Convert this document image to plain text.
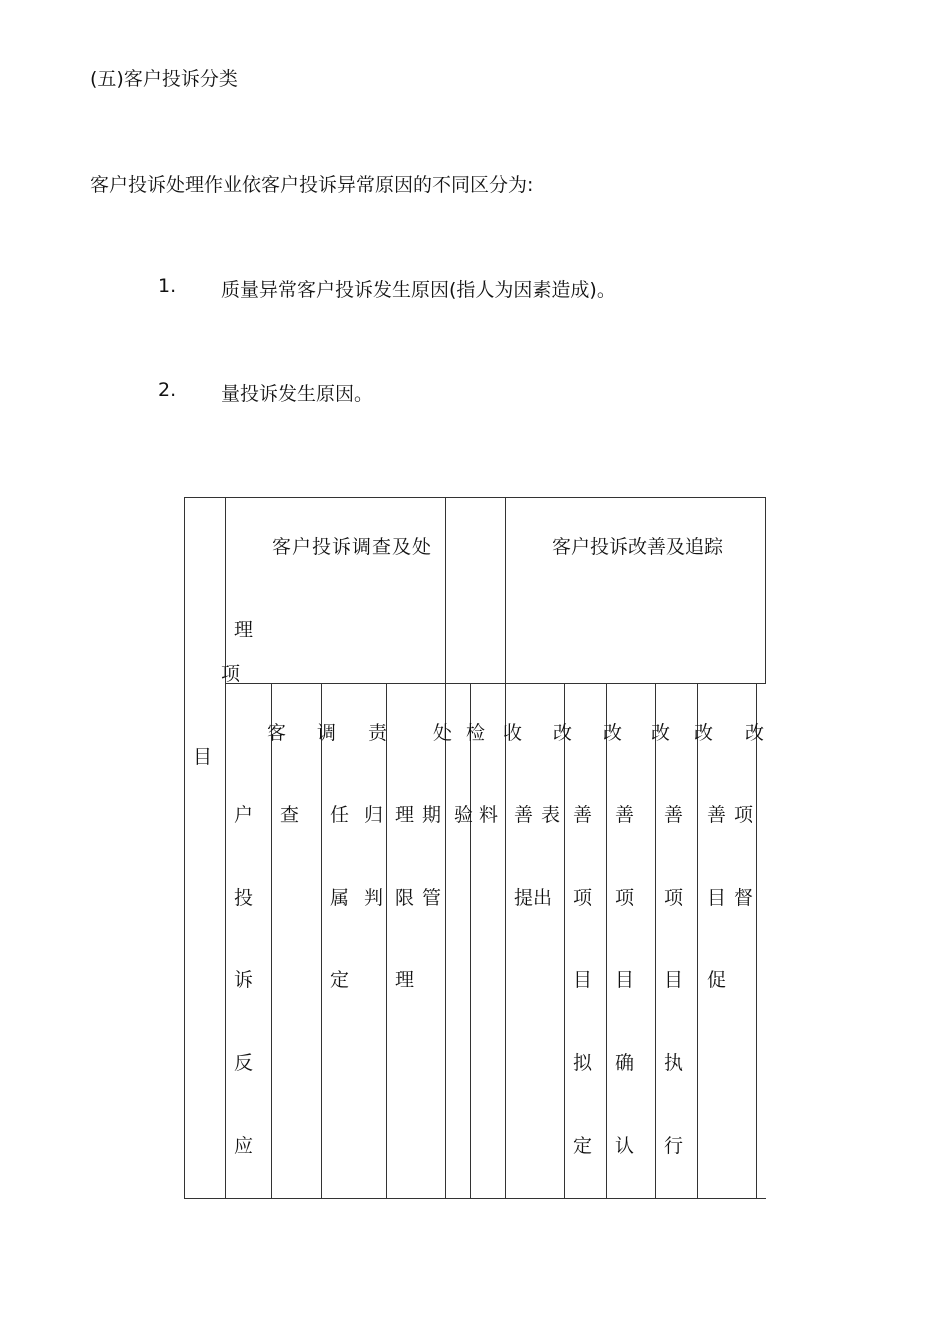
(五)客户投诉分类
客户投诉处理作业依客户投诉异常原因的不同区分为:
1. 质量异常客户投诉发生原因(指人为因素造成)。
2. 量投诉发生原因。
理
项
目
客户投诉调查及处	客户投诉改善及追踪
客
户
投
诉
反
应
查
调 责
任 归
属 判
定
处
理 期
限 管
理
检
验 料
收 改
善 表
提出
改
善
项
目
拟
定
改
善
项
目
确
认
改
善
项
目
执
行
改
善 项
目 督
促
